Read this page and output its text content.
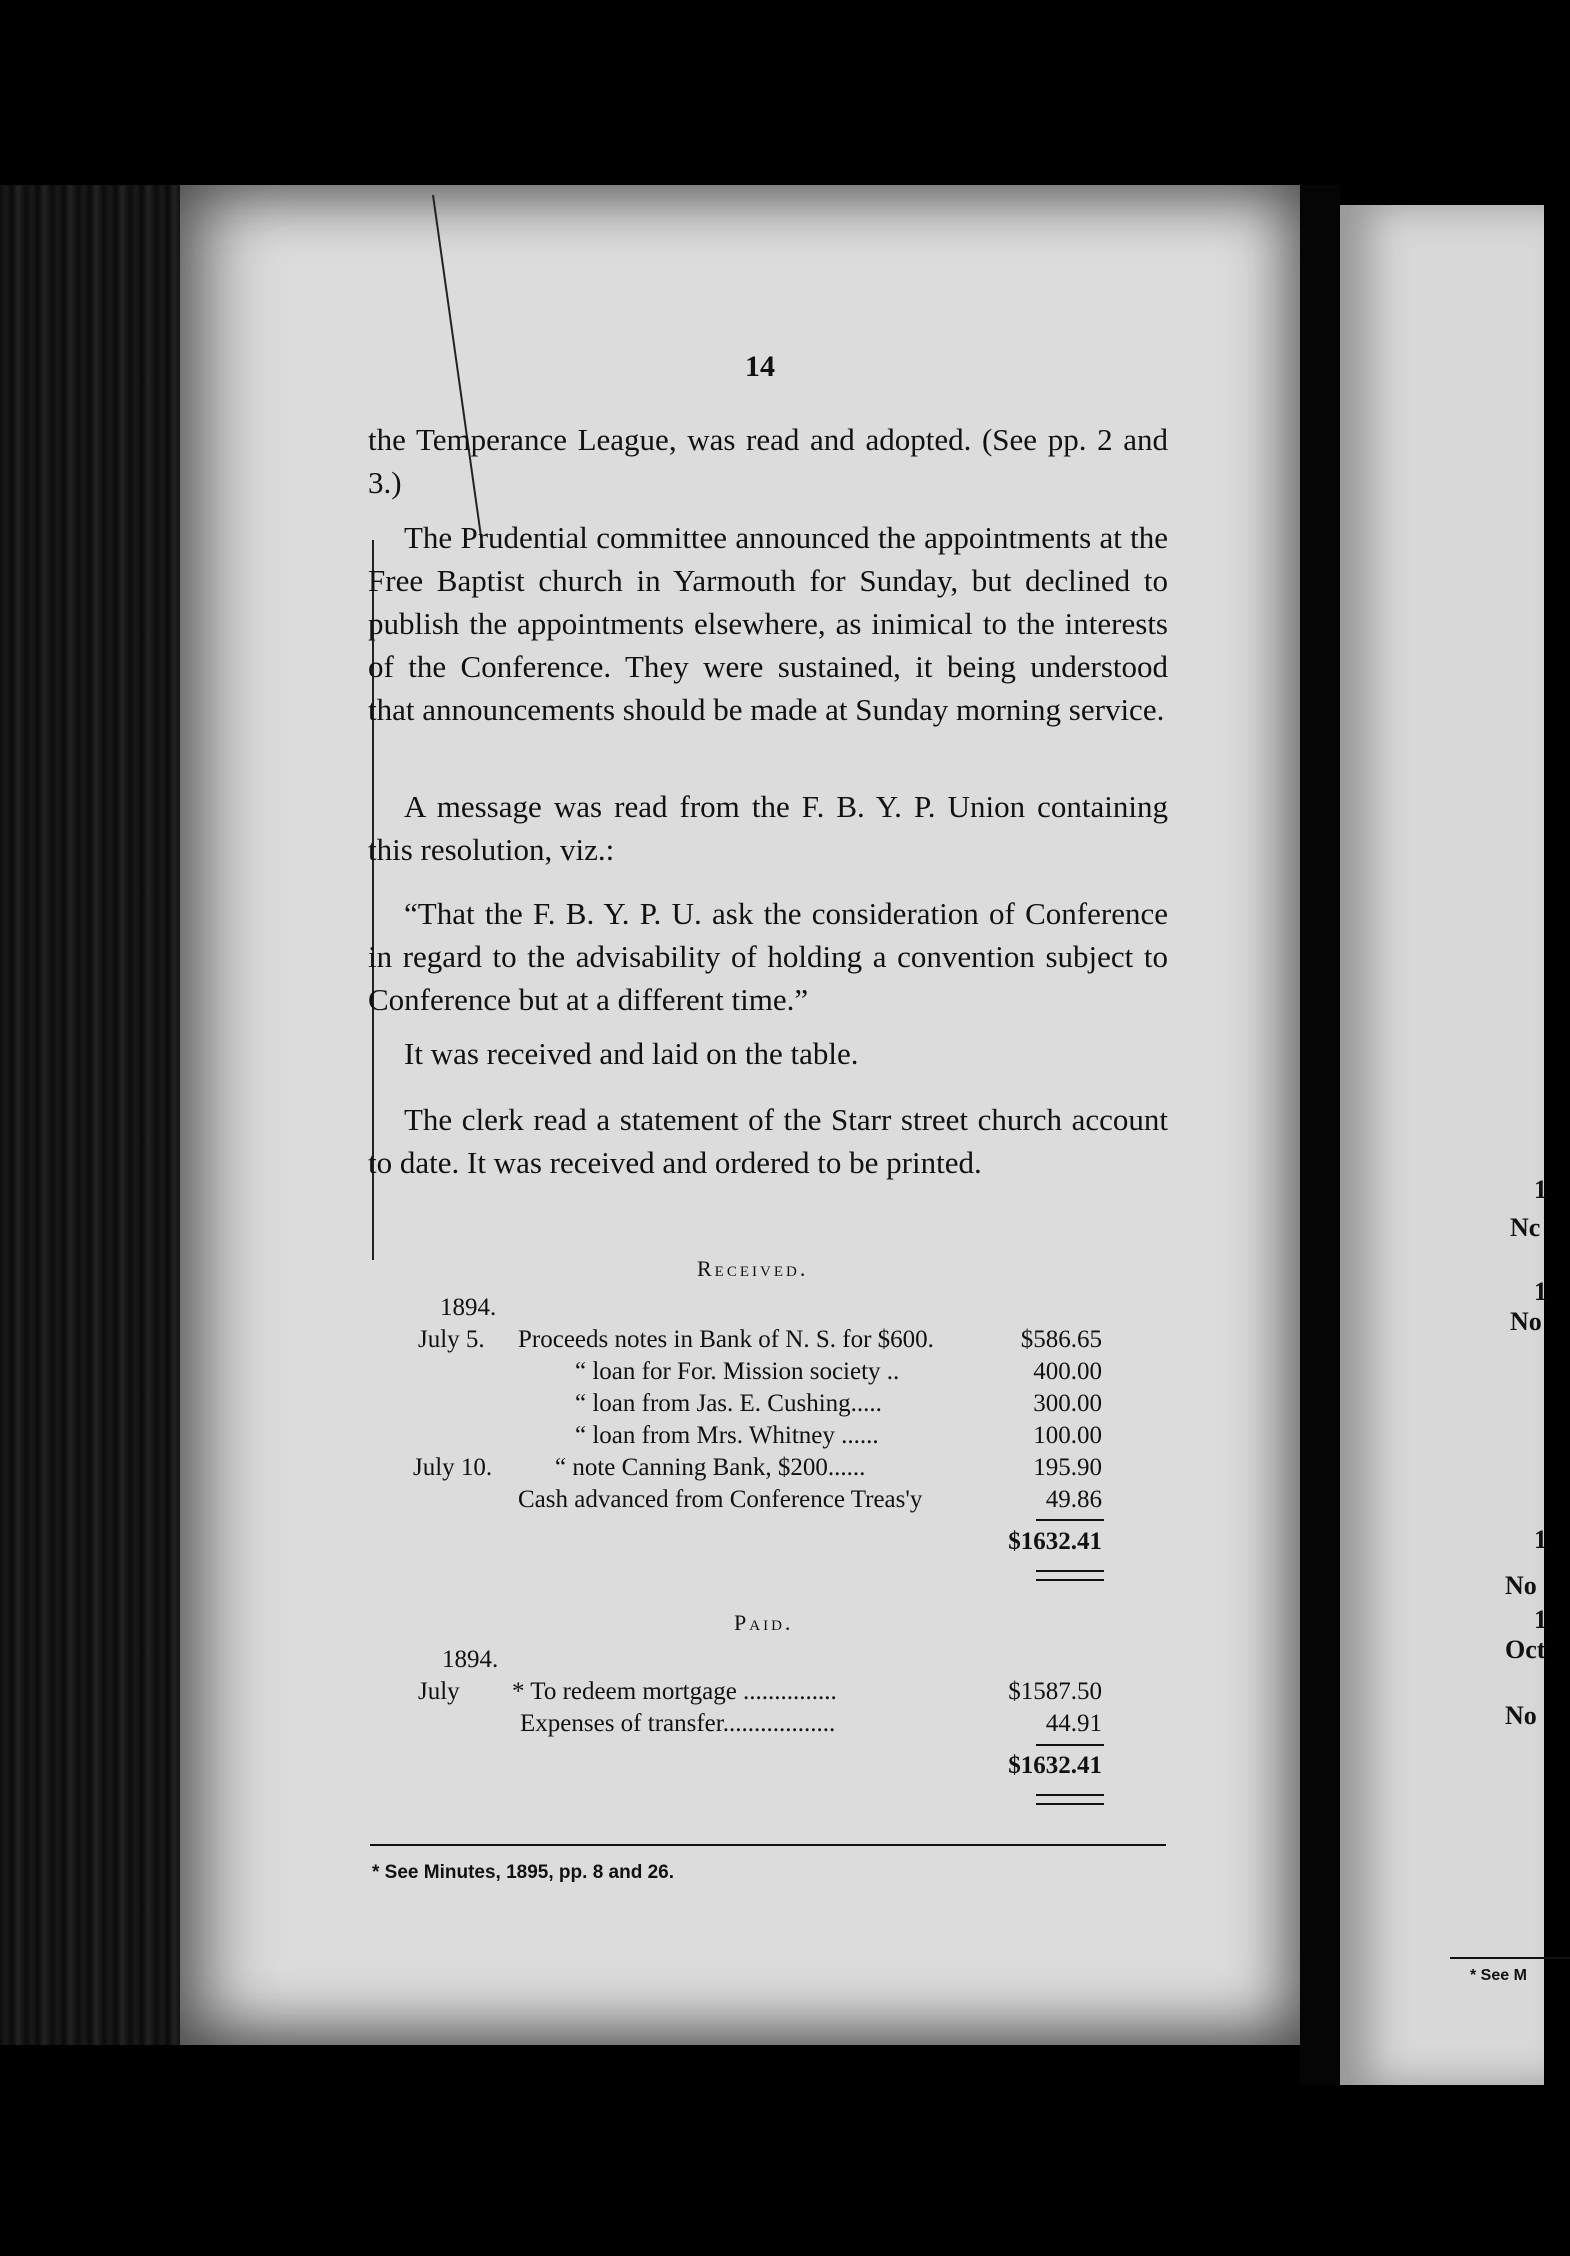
1
Nc
1
No
1
No
1
Oct
No
* See M
14
the Temperance League, was read and adopted. (See pp. 2 and 3.)
The Prudential committee announced the appointments at the Free Baptist church in Yarmouth for Sunday, but declined to publish the appointments elsewhere, as inimical to the interests of the Conference. They were sustained, it being understood that announcements should be made at Sunday morning service.
A message was read from the F. B. Y. P. Union containing this resolution, viz.:
“That the F. B. Y. P. U. ask the consideration of Conference in regard to the advisability of holding a convention subject to Conference but at a different time.”
It was received and laid on the table.
The clerk read a statement of the Starr street church account to date. It was received and ordered to be printed.
Received.
1894.
July 5. Proceeds notes in Bank of N. S. for $600.	$586.65
“ loan for For. Mission society ..	400.00
“ loan from Jas. E. Cushing.....	300.00
“ loan from Mrs. Whitney ......	100.00
July 10.	“ note Canning Bank, $200......	195.90
Cash advanced from Conference Treas'y	49.86
$1632.41
Paid.
1894.
July * To redeem mortgage ...............	$1587.50
Expenses of transfer..................	44.91
$1632.41
* See Minutes, 1895, pp. 8 and 26.
